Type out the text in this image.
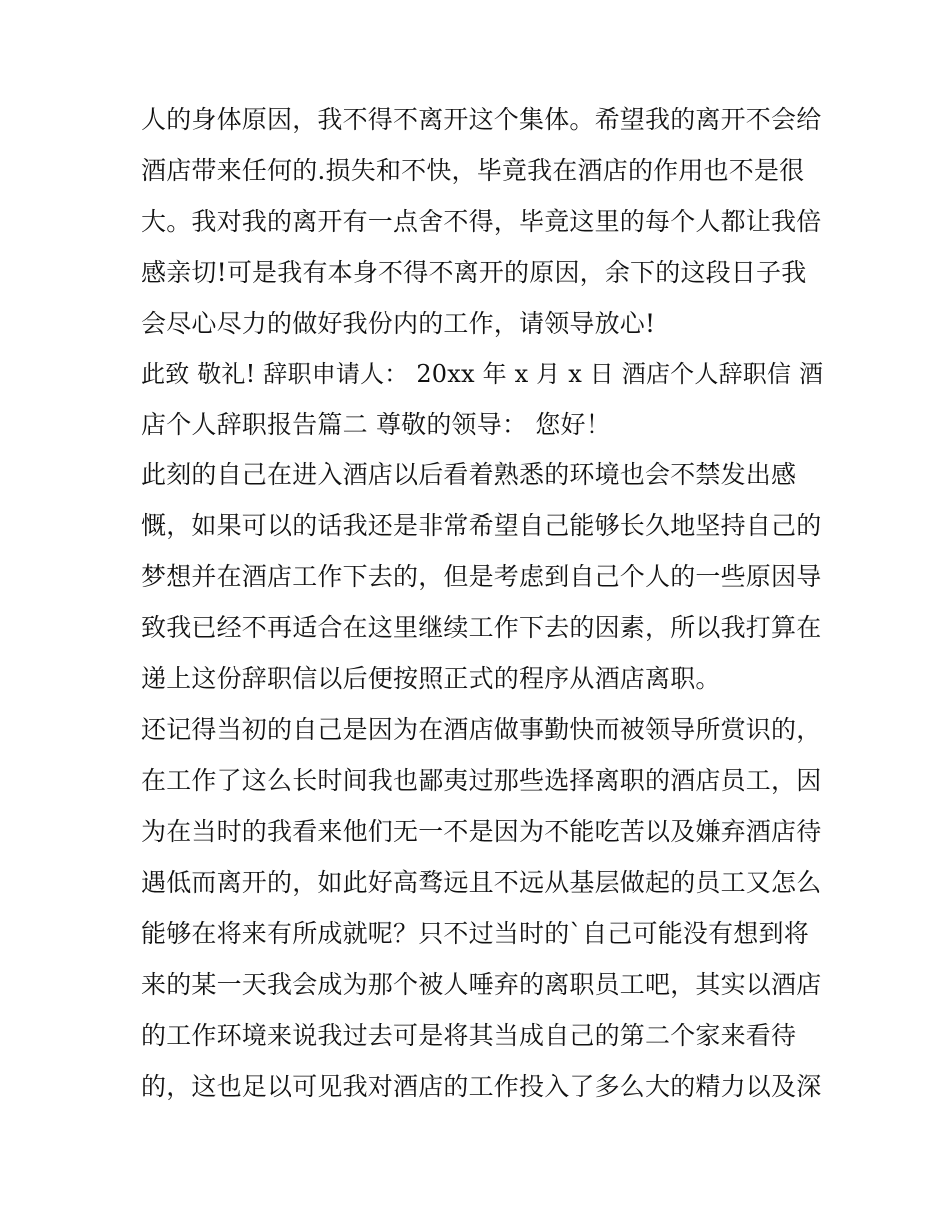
人的身体原因，我不得不离开这个集体。希望我的离开不会给
酒店带来任何的.损失和不快，毕竟我在酒店的作用也不是很
大。我对我的离开有一点舍不得，毕竟这里的每个人都让我倍
感亲切!可是我有本身不得不离开的原因，余下的这段日子我
会尽心尽力的做好我份内的工作，请领导放心!
此致 敬礼! 辞职申请人： 20xx 年 x 月 x 日 酒店个人辞职信 酒
店个人辞职报告篇二 尊敬的领导： 您好！
此刻的自己在进入酒店以后看着熟悉的环境也会不禁发出感
慨，如果可以的话我还是非常希望自己能够长久地坚持自己的
梦想并在酒店工作下去的，但是考虑到自己个人的一些原因导
致我已经不再适合在这里继续工作下去的因素，所以我打算在
递上这份辞职信以后便按照正式的程序从酒店离职。
还记得当初的自己是因为在酒店做事勤快而被领导所赏识的，
在工作了这么长时间我也鄙夷过那些选择离职的酒店员工，因
为在当时的我看来他们无一不是因为不能吃苦以及嫌弃酒店待
遇低而离开的，如此好高骛远且不远从基层做起的员工又怎么
能够在将来有所成就呢？只不过当时的`自己可能没有想到将
来的某一天我会成为那个被人唾弃的离职员工吧，其实以酒店
的工作环境来说我过去可是将其当成自己的第二个家来看待
的，这也足以可见我对酒店的工作投入了多么大的精力以及深
